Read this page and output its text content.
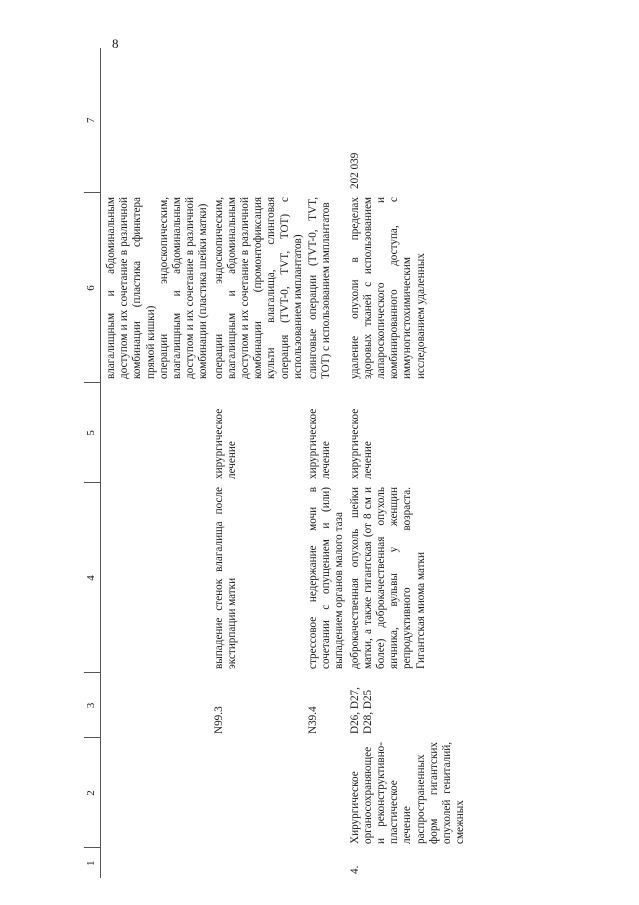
8
1	2	3	4	5	6	7

					влагалищным и абдоминальным доступом и их сочетание в различной комбинации (пластика сфинктера прямой кишки)
операции эндоскопическим, влагалищным и абдоминальным доступом и их сочетание в различной комбинации (пластика шейки матки)	

		N99.3	выпадение стенок влагалища после экстирпации матки	хирургическое лечение	операции эндоскопическим, влагалищным и абдоминальным доступом и их сочетание в различной комбинации (промонтофиксация культи влагалища, слинговая операция (TVT-0, TVT, TOT) с использованием имплантатов)	

		N39.4	стрессовое недержание мочи в сочетании с опущением и (или) выпадением органов малого таза	хирургическое лечение	слинговые операции (TVT-0, TVT, TOT) с использованием имплантатов	

4.	Хирургическое органосохраняющее и реконструктивно-пластическое лечение распространенных форм гигантских опухолей гениталий, смежных	D26, D27, D28, D25	доброкачественная опухоль шейки матки, а также гигантская (от 8 см и более) доброкачественная опухоль яичника, вульвы у женщин репродуктивного возраста. Гигантская миома матки	хирургическое лечение	удаление опухоли в пределах здоровых тканей с использованием лапароскопического и комбинированного доступа, с иммуногистохимическим исследованием удаленных	202 039
